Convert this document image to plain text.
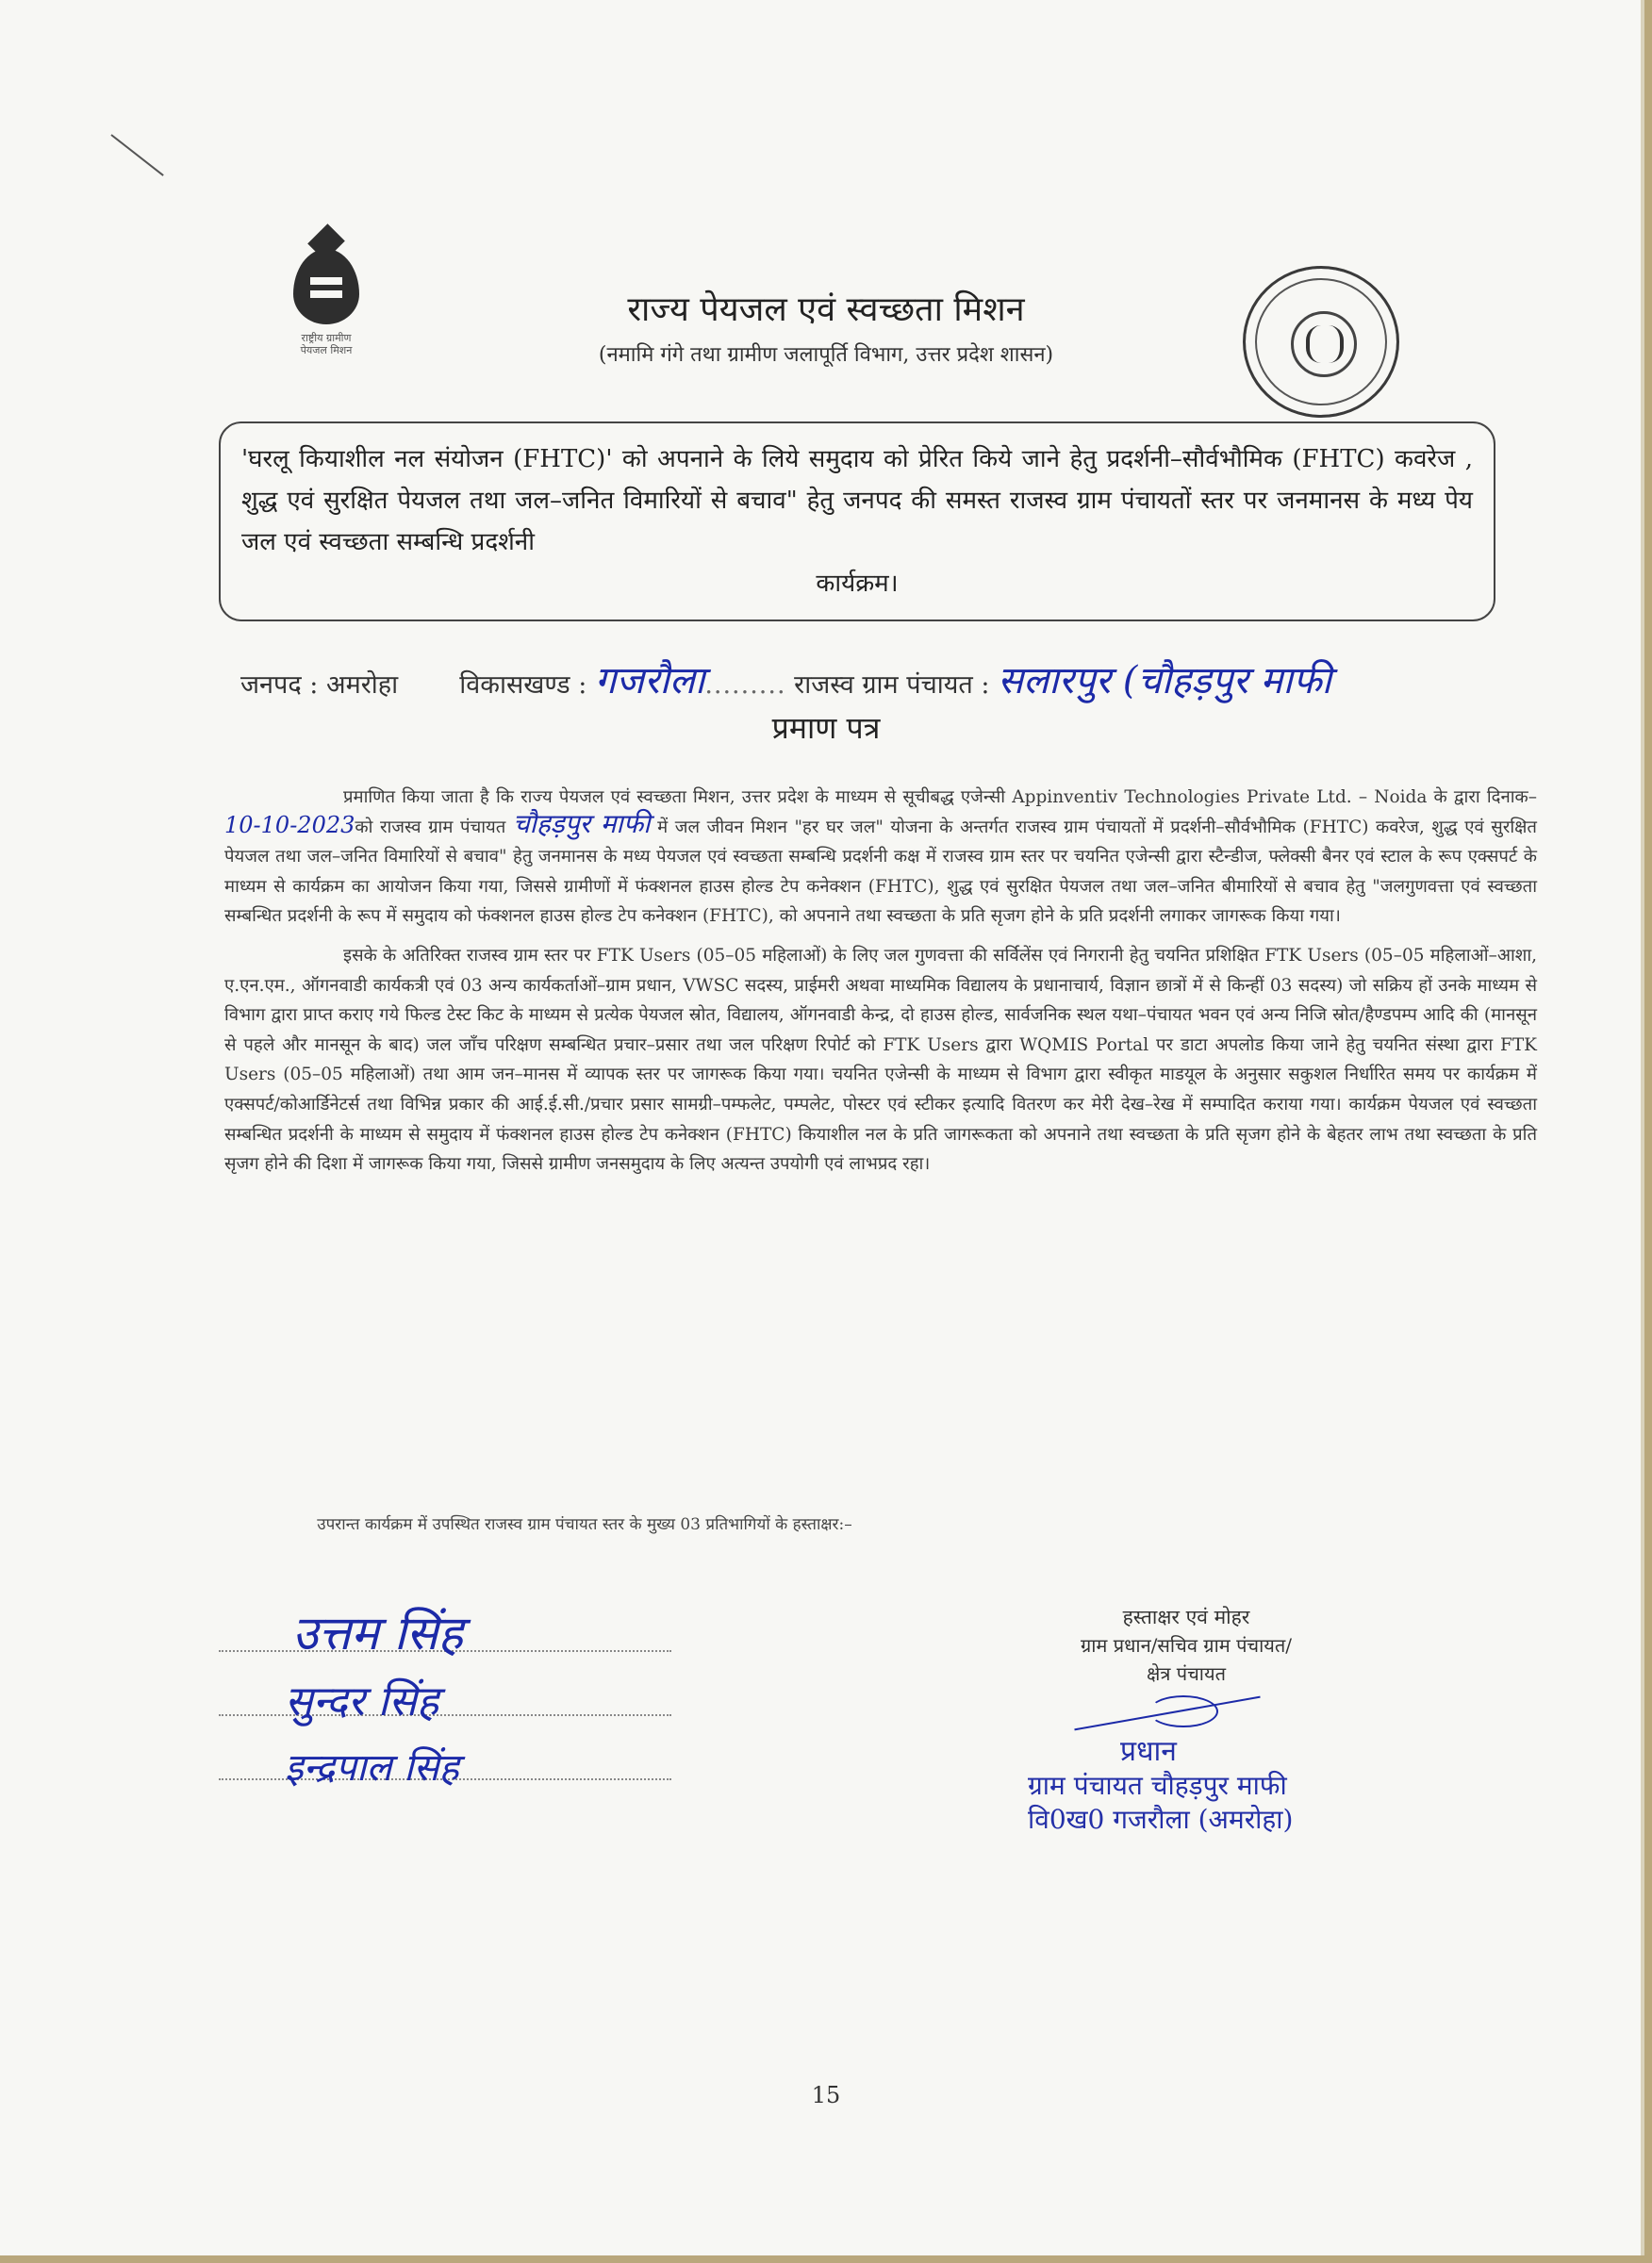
राष्ट्रीय ग्रामीण
पेयजल मिशन
राज्य पेयजल एवं स्वच्छता मिशन
(नमामि गंगे तथा ग्रामीण जलापूर्ति विभाग, उत्तर प्रदेश शासन)
'घरलू कियाशील नल संयोजन (FHTC)' को अपनाने के लिये समुदाय को प्रेरित किये जाने हेतु प्रदर्शनी–सौर्वभौमिक (FHTC) कवरेज , शुद्ध एवं सुरक्षित पेयजल तथा जल–जनित विमारियों से बचाव" हेतु जनपद की समस्त राजस्व ग्राम पंचायतों स्तर पर जनमानस के मध्य पेय जल एवं स्वच्छता सम्बन्धि प्रदर्शनी
कार्यक्रम।
जनपद : अमरोहा विकासखण्ड : गजरौला......... राजस्व ग्राम पंचायत : सलारपुर (चौहड़पुर माफी
प्रमाण पत्र

प्रमाणित किया जाता है कि राज्य पेयजल एवं स्वच्छता मिशन, उत्तर प्रदेश के माध्यम से सूचीबद्ध एजेन्सी Appinventiv Technologies Private Ltd. – Noida के द्वारा दिनाक–10-10-2023को राजस्व ग्राम पंचायत चौहड़पुर माफी में जल जीवन मिशन "हर घर जल" योजना के अन्तर्गत राजस्व ग्राम पंचायतों में प्रदर्शनी–सौर्वभौमिक (FHTC) कवरेज, शुद्ध एवं सुरक्षित पेयजल तथा जल–जनित विमारियों से बचाव" हेतु जनमानस के मध्य पेयजल एवं स्वच्छता सम्बन्धि प्रदर्शनी कक्ष में राजस्व ग्राम स्तर पर चयनित एजेन्सी द्वारा स्टैन्डीज, फ्लेक्सी बैनर एवं स्टाल के रूप एक्सपर्ट के माध्यम से कार्यक्रम का आयोजन किया गया, जिससे ग्रामीणों में फंक्शनल हाउस होल्ड टेप कनेक्शन (FHTC), शुद्ध एवं सुरक्षित पेयजल तथा जल–जनित बीमारियों से बचाव हेतु "जलगुणवत्ता एवं स्वच्छता सम्बन्धित प्रदर्शनी के रूप में समुदाय को फंक्शनल हाउस होल्ड टेप कनेक्शन (FHTC), को अपनाने तथा स्वच्छता के प्रति सृजग होने के प्रति प्रदर्शनी लगाकर जागरूक किया गया।

इसके के अतिरिक्त राजस्व ग्राम स्तर पर FTK Users (05–05 महिलाओं) के लिए जल गुणवत्ता की सर्विलेंस एवं निगरानी हेतु चयनित प्रशिक्षित FTK Users (05–05 महिलाओं–आशा, ए.एन.एम., ऑगनवाडी कार्यकत्री एवं 03 अन्य कार्यकर्ताओं–ग्राम प्रधान, VWSC सदस्य, प्राईमरी अथवा माध्यमिक विद्यालय के प्रधानाचार्य, विज्ञान छात्रों में से किन्हीं 03 सदस्य) जो सक्रिय हों उनके माध्यम से विभाग द्वारा प्राप्त कराए गये फिल्ड टेस्ट किट के माध्यम से प्रत्येक पेयजल स्रोत, विद्यालय, ऑगनवाडी केन्द्र, दो हाउस होल्ड, सार्वजनिक स्थल यथा–पंचायत भवन एवं अन्य निजि स्रोत/हैण्डपम्प आदि की (मानसून से पहले और मानसून के बाद) जल जाँच परिक्षण सम्बन्धित प्रचार–प्रसार तथा जल परिक्षण रिपोर्ट को FTK Users द्वारा WQMIS Portal पर डाटा अपलोड किया जाने हेतु चयनित संस्था द्वारा FTK Users (05–05 महिलाओं) तथा आम जन–मानस में व्यापक स्तर पर जागरूक किया गया। चयनित एजेन्सी के माध्यम से विभाग द्वारा स्वीकृत माडयूल के अनुसार सकुशल निर्धारित समय पर कार्यक्रम में एक्सपर्ट/कोआर्डिनेटर्स तथा विभिन्न प्रकार की आई.ई.सी./प्रचार प्रसार सामग्री–पम्फलेट, पम्पलेट, पोस्टर एवं स्टीकर इत्यादि वितरण कर मेरी देख–रेख में सम्पादित कराया गया। कार्यक्रम पेयजल एवं स्वच्छता सम्बन्धित प्रदर्शनी के माध्यम से समुदाय में फंक्शनल हाउस होल्ड टेप कनेक्शन (FHTC) कियाशील नल के प्रति जागरूकता को अपनाने तथा स्वच्छता के प्रति सृजग होने के बेहतर लाभ तथा स्वच्छता के प्रति सृजग होने की दिशा में जागरूक किया गया, जिससे ग्रामीण जनसमुदाय के लिए अत्यन्त उपयोगी एवं लाभप्रद रहा।

उपरान्त कार्यक्रम में उपस्थित राजस्व ग्राम पंचायत स्तर के मुख्य 03 प्रतिभागियों के हस्ताक्षर:–
उत्तम सिंह
सुन्दर सिंह
इन्द्रपाल सिंह
हस्ताक्षर एवं मोहर
ग्राम प्रधान/सचिव ग्राम पंचायत/
क्षेत्र पंचायत
प्रधान
ग्राम पंचायत चौहड़पुर माफी
वि0ख0 गजरौला (अमरोहा)
15
